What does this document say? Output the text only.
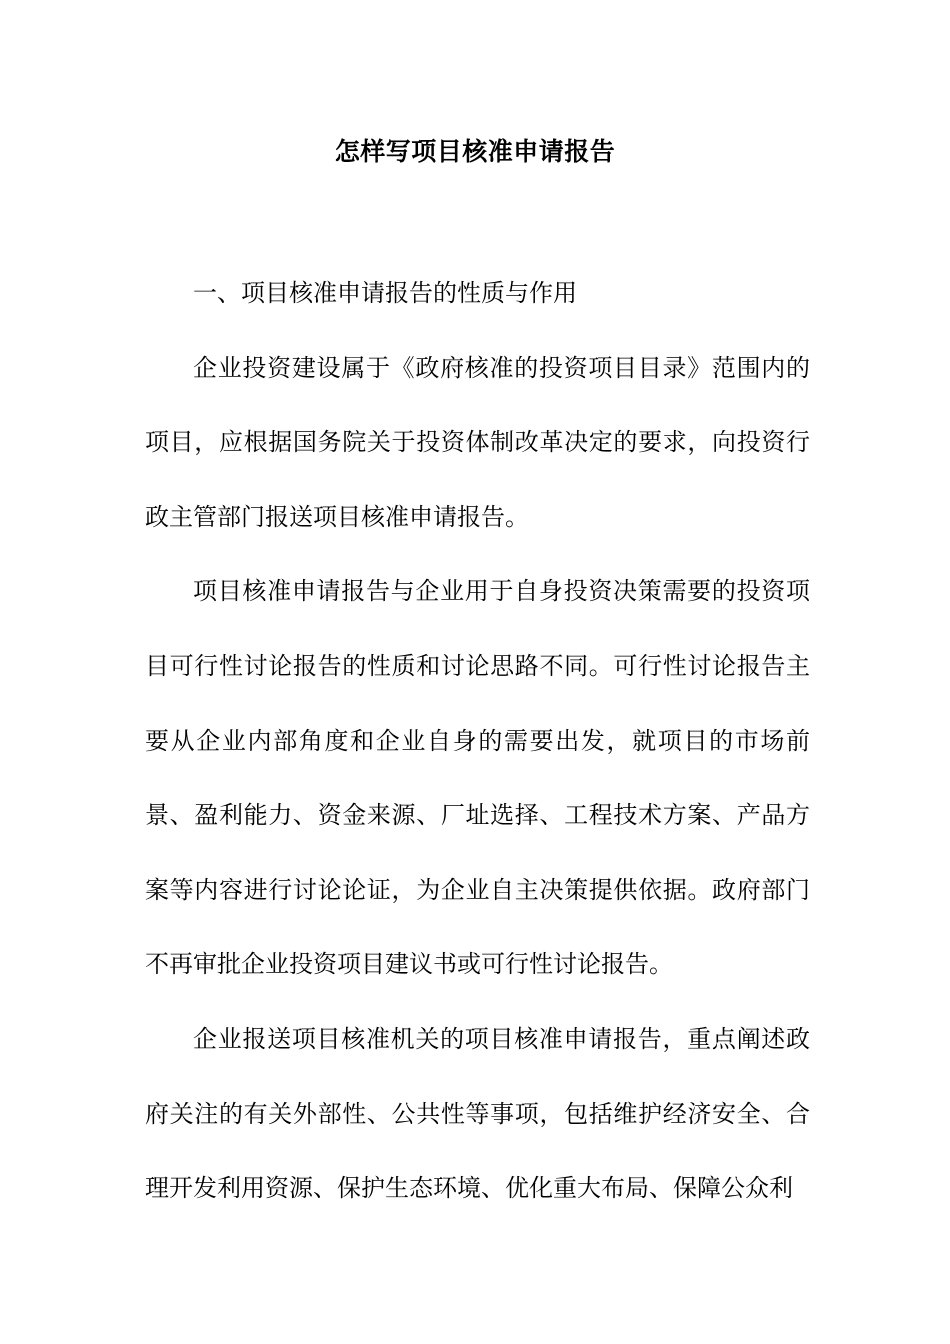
怎样写项目核准申请报告

一、项目核准申请报告的性质与作用

企业投资建设属于《政府核准的投资项目目录》范围内的项目，应根据国务院关于投资体制改革决定的要求，向投资行政主管部门报送项目核准申请报告。

项目核准申请报告与企业用于自身投资决策需要的投资项目可行性讨论报告的性质和讨论思路不同。可行性讨论报告主要从企业内部角度和企业自身的需要出发，就项目的市场前景、盈利能力、资金来源、厂址选择、工程技术方案、产品方案等内容进行讨论论证，为企业自主决策提供依据。政府部门不再审批企业投资项目建议书或可行性讨论报告。

企业报送项目核准机关的项目核准申请报告，重点阐述政府关注的有关外部性、公共性等事项，包括维护经济安全、合理开发利用资源、保护生态环境、优化重大布局、保障公众利
